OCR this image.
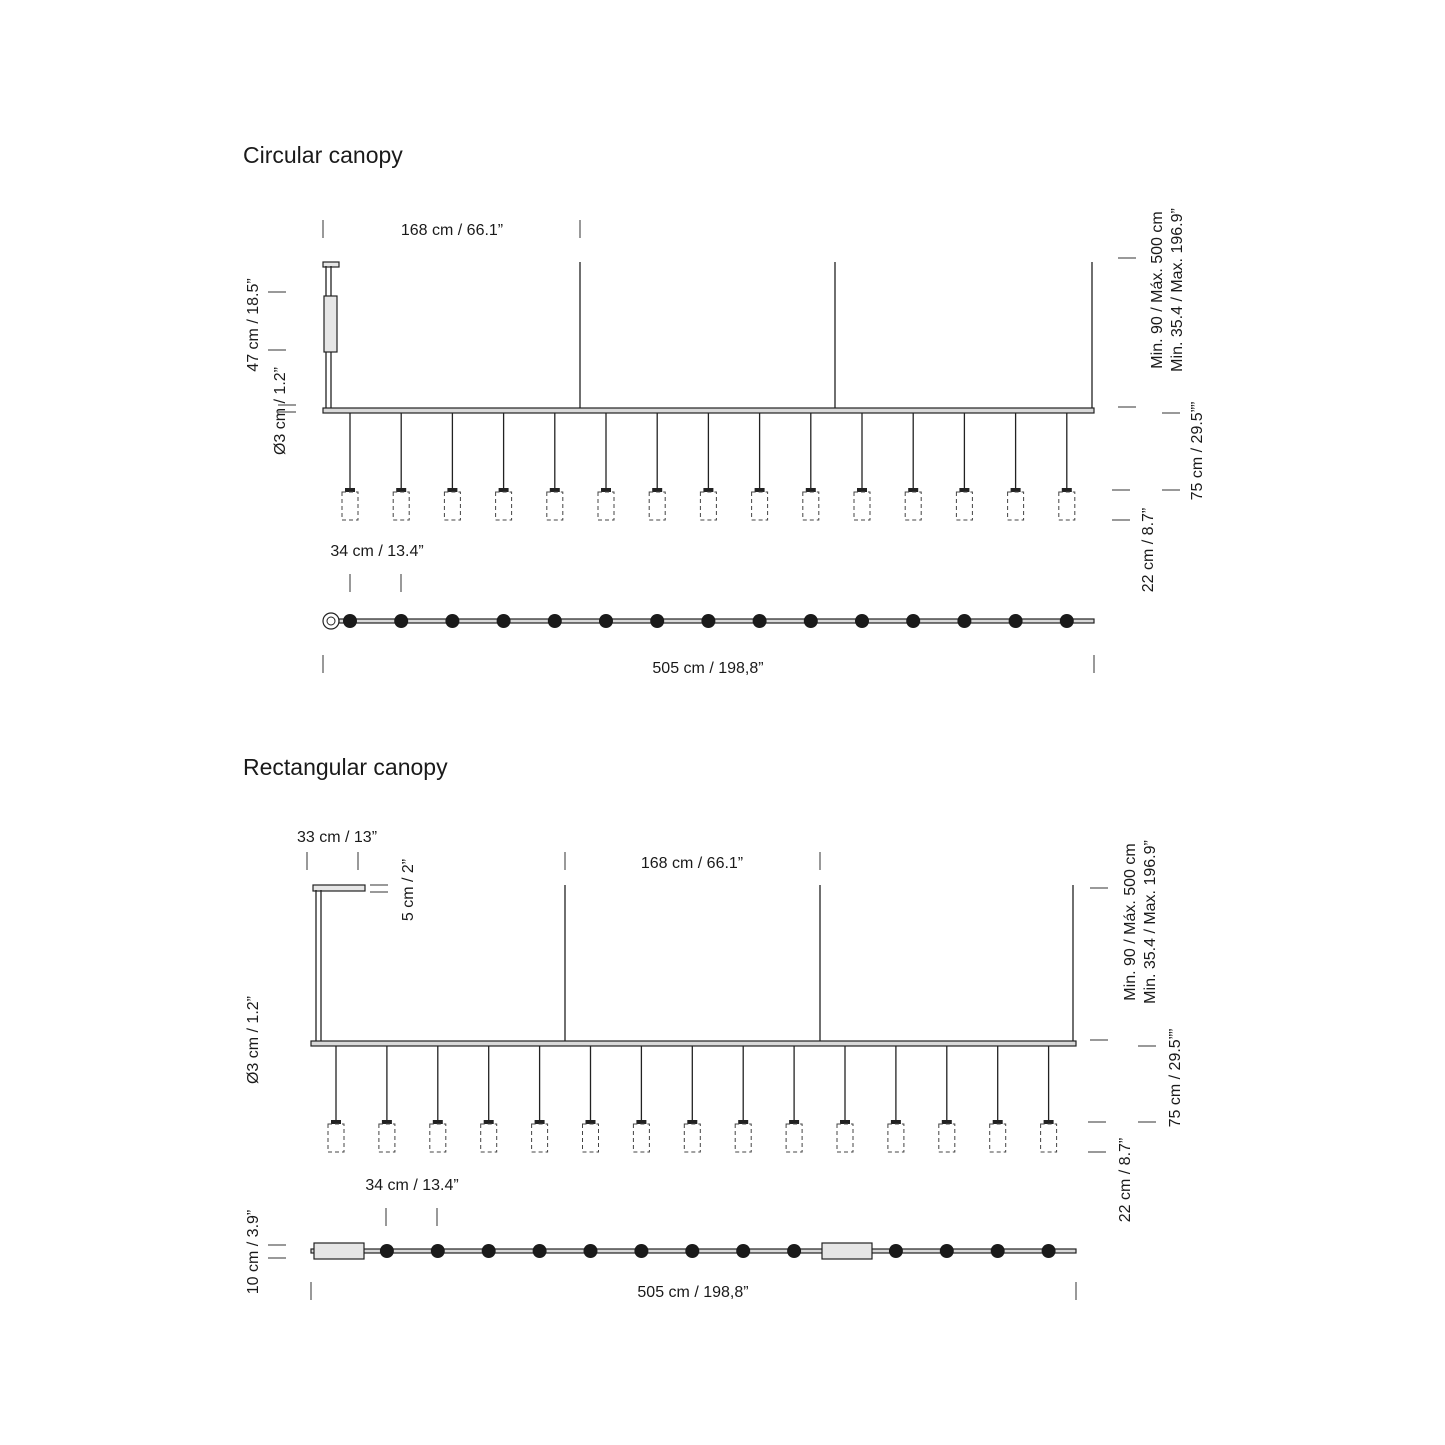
Circular canopy
168 cm / 66.1”
47 cm / 18.5”
Ø3 cm / 1.2”
Min. 90 / Máx. 500 cm Min. 35.4 / Max. 196.9”
75 cm / 29.5””
22 cm / 8.7”
34 cm / 13.4”
505 cm / 198,8”
Rectangular canopy
33 cm / 13”
5 cm / 2”	168 cm / 66.1”
Ø3 cm / 1.2”
Min. 90 / Máx. 500 cm Min. 35.4 / Max. 196.9”
75 cm / 29.5””
22 cm / 8.7”
34 cm / 13.4”
10 cm / 3.9”	505 cm / 198,8”
